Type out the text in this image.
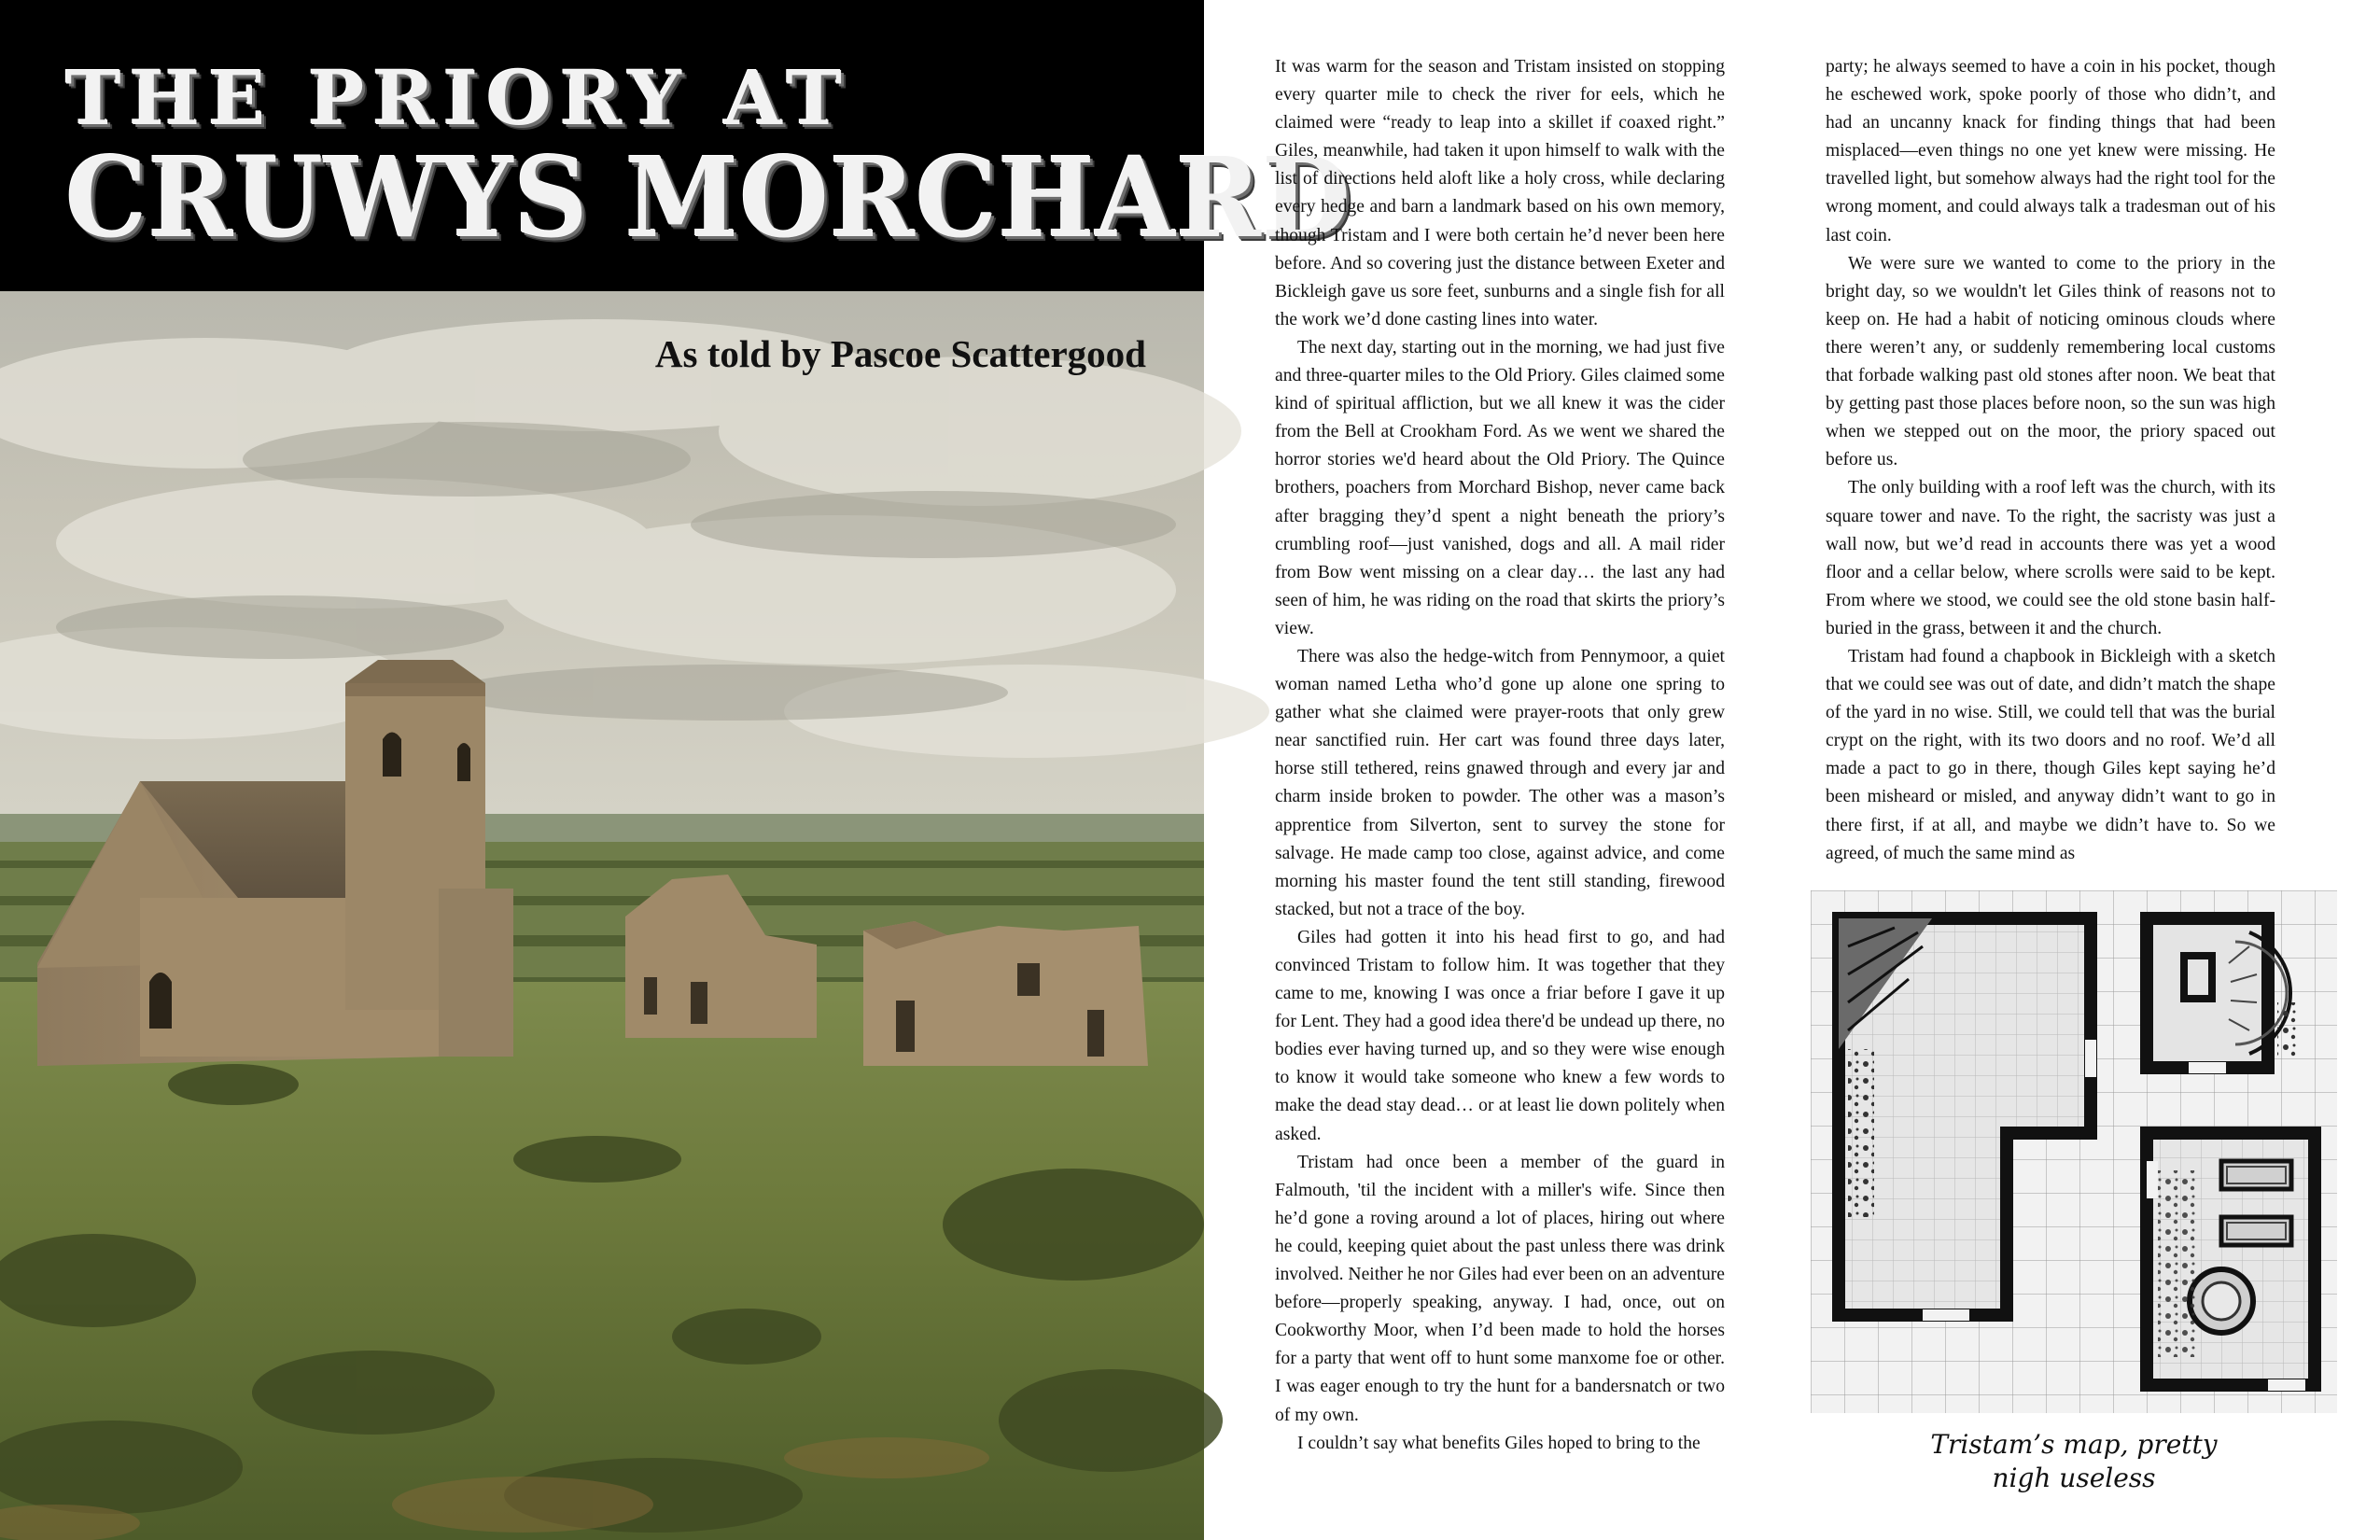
THE PRIORY AT
CRUWYS MORCHARD
As told by Pascoe Scattergood

It was warm for the season and Tristam insisted on stopping every quarter mile to check the river for eels, which he claimed were “ready to leap into a skillet if coaxed right.” Giles, meanwhile, had taken it upon himself to walk with the list of directions held aloft like a holy cross, while declaring every hedge and barn a landmark based on his own memory, though Tristam and I were both certain he’d never been here before. And so covering just the distance between Exeter and Bickleigh gave us sore feet, sunburns and a single fish for all the work we’d done casting lines into water.

The next day, starting out in the morning, we had just five and three-quarter miles to the Old Priory. Giles claimed some kind of spiritual affliction, but we all knew it was the cider from the Bell at Crookham Ford. As we went we shared the horror stories we'd heard about the Old Priory. The Quince brothers, poachers from Morchard Bishop, never came back after bragging they’d spent a night beneath the priory’s crumbling roof—just vanished, dogs and all. A mail rider from Bow went missing on a clear day… the last any had seen of him, he was riding on the road that skirts the priory’s view.

There was also the hedge-witch from Pennymoor, a quiet woman named Letha who’d gone up alone one spring to gather what she claimed were prayer-roots that only grew near sanctified ruin. Her cart was found three days later, horse still tethered, reins gnawed through and every jar and charm inside broken to powder. The other was a mason’s apprentice from Silverton, sent to survey the stone for salvage. He made camp too close, against advice, and come morning his master found the tent still standing, firewood stacked, but not a trace of the boy.

Giles had gotten it into his head first to go, and had convinced Tristam to follow him. It was together that they came to me, knowing I was once a friar before I gave it up for Lent. They had a good idea there'd be undead up there, no bodies ever having turned up, and so they were wise enough to know it would take someone who knew a few words to make the dead stay dead… or at least lie down politely when asked.

Tristam had once been a member of the guard in Falmouth, 'til the incident with a miller's wife. Since then he’d gone a roving around a lot of places, hiring out where he could, keeping quiet about the past unless there was drink involved. Neither he nor Giles had ever been on an adventure before—properly speaking, anyway. I had, once, out on Cookworthy Moor, when I’d been made to hold the horses for a party that went off to hunt some manxome foe or other. I was eager enough to try the hunt for a bandersnatch or two of my own.

I couldn’t say what benefits Giles hoped to bring to the

party; he always seemed to have a coin in his pocket, though he eschewed work, spoke poorly of those who didn’t, and had an uncanny knack for finding things that had been misplaced—even things no one yet knew were missing. He travelled light, but somehow always had the right tool for the wrong moment, and could always talk a tradesman out of his last coin.

We were sure we wanted to come to the priory in the bright day, so we wouldn't let Giles think of reasons not to keep on. He had a habit of noticing ominous clouds where there weren’t any, or suddenly remembering local customs that forbade walking past old stones after noon. We beat that by getting past those places before noon, so the sun was high when we stepped out on the moor, the priory spaced out before us.

The only building with a roof left was the church, with its square tower and nave. To the right, the sacristy was just a wall now, but we’d read in accounts there was yet a wood floor and a cellar below, where scrolls were said to be kept. From where we stood, we could see the old stone basin half-buried in the grass, between it and the church.

Tristam had found a chapbook in Bickleigh with a sketch that we could see was out of date, and didn’t match the shape of the yard in no wise. Still, we could tell that was the burial crypt on the right, with its two doors and no roof. We’d all made a pact to go in there, though Giles kept saying he’d been misheard or misled, and anyway didn’t want to go in there first, if at all, and maybe we didn’t have to. So we agreed, of much the same mind as

Tristam’s map, pretty
nigh useless
